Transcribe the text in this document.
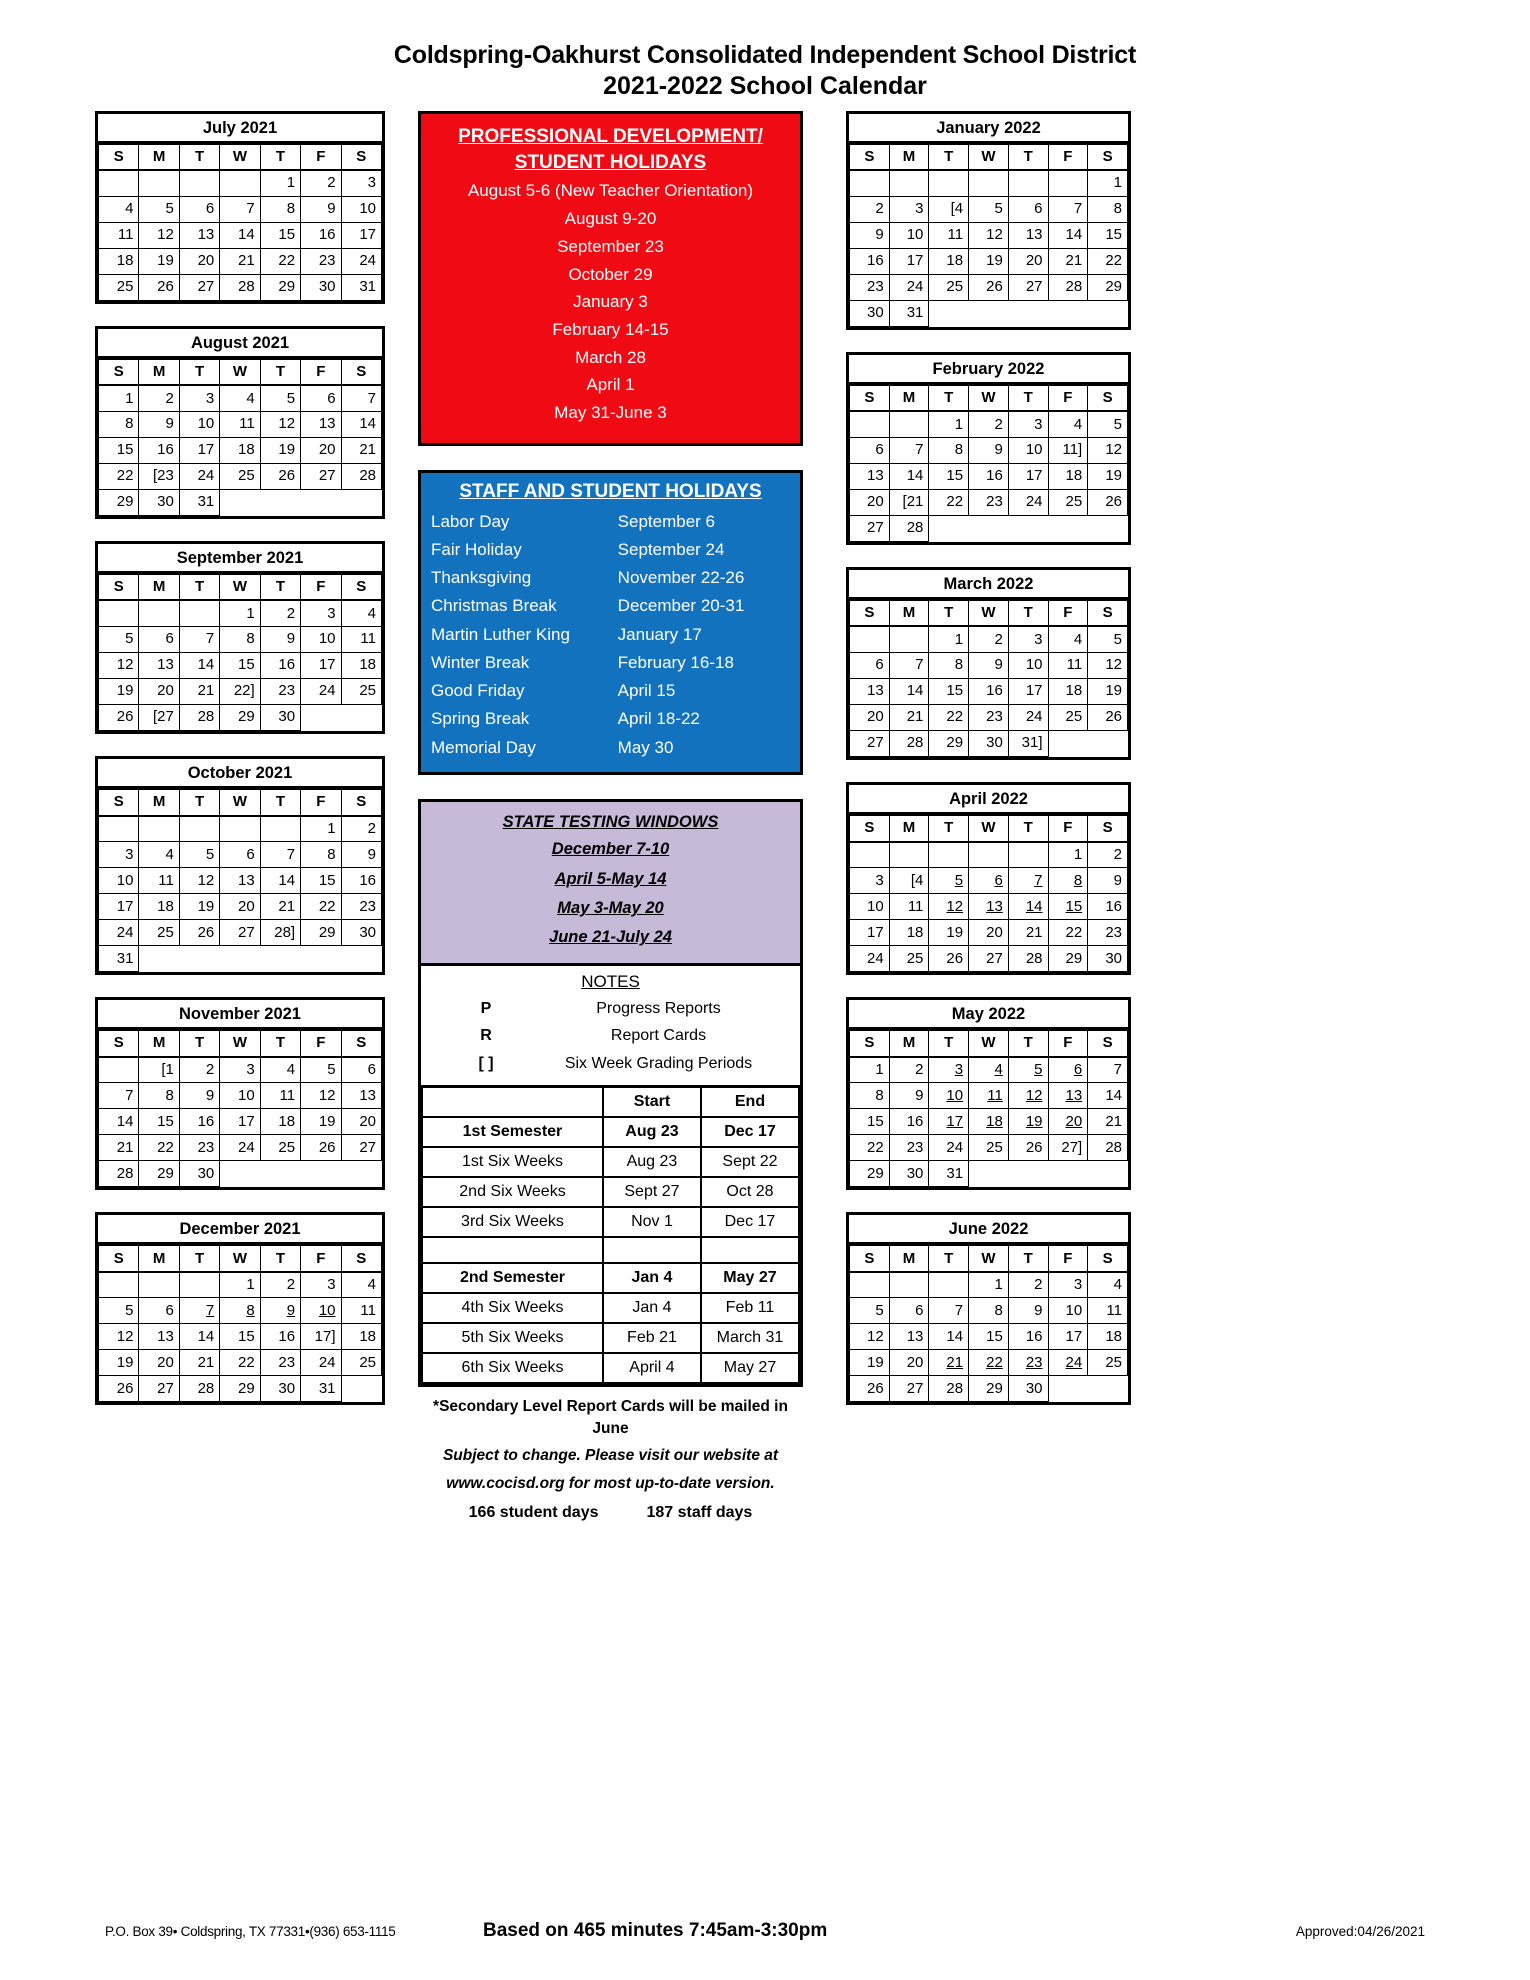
Coldspring-Oakhurst Consolidated Independent School District
2021-2022 School Calendar
July 2021
S	M	T	W	T	F	S
				1	2	3
4	5	6	7	8	9	10
11	12	13	14	15	16	17
18	19	20	21	22	23	24
25	26	27	28	29	30	31
August 2021
S	M	T	W	T	F	S
1	2	3	4	5	6	7
8	9	10	11	12	13	14
15	16	17	18	19	20	21
22	[23	24	25	26	27	28
29	30	31				
September 2021
S	M	T	W	T	F	S
			1	2	3	4
5	6	7	8	9	10	11
12	13	14	15	16	17	18
19	20	21	22]	23	24	25
26	[27	28	29	30		
October 2021
S	M	T	W	T	F	S
					1	2
3	4	5	6	7	8	9
10	11	12	13	14	15	16
17	18	19	20	21	22	23
24	25	26	27	28]	29	30
31						
November 2021
S	M	T	W	T	F	S
	[1	2	3	4	5	6
7	8	9	10	11	12	13
14	15	16	17	18	19	20
21	22	23	24	25	26	27
28	29	30				
December 2021
S	M	T	W	T	F	S
			1	2	3	4
5	6	7	8	9	10	11
12	13	14	15	16	17]	18
19	20	21	22	23	24	25
26	27	28	29	30	31	
PROFESSIONAL DEVELOPMENT/
STUDENT HOLIDAYS
August 5-6 (New Teacher Orientation)
August 9-20
September 23
October 29
January 3
February 14-15
March 28
April 1
May 31-June 3
STAFF AND STUDENT HOLIDAYS
Labor Day	September 6
Fair Holiday	September 24
Thanksgiving	November 22-26
Christmas Break	December 20-31
Martin Luther King	January 17
Winter Break	February 16-18
Good Friday	April 15
Spring Break	April 18-22
Memorial Day	May 30
STATE TESTING WINDOWS
December 7-10
April 5-May 14
May 3-May 20
June 21-July 24
NOTES
P	Progress Reports
R	Report Cards
[ ]	Six Week Grading Periods
	Start	End
1st Semester	Aug 23	Dec 17
1st Six Weeks	Aug 23	Sept 22
2nd Six Weeks	Sept 27	Oct 28
3rd Six Weeks	Nov 1	Dec 17

2nd Semester	Jan 4	May 27
4th Six Weeks	Jan 4	Feb 11
5th Six Weeks	Feb 21	March 31
6th Six Weeks	April 4	May 27
*Secondary Level Report Cards will be mailed in June
Subject to change. Please visit our website at
www.cocisd.org for most up-to-date version.
166 student days	187 staff days
January 2022
S	M	T	W	T	F	S
						1
2	3	[4	5	6	7	8
9	10	11	12	13	14	15
16	17	18	19	20	21	22
23	24	25	26	27	28	29
30	31					
February 2022
S	M	T	W	T	F	S
		1	2	3	4	5
6	7	8	9	10	11]	12
13	14	15	16	17	18	19
20	[21	22	23	24	25	26
27	28					
March 2022
S	M	T	W	T	F	S
		1	2	3	4	5
6	7	8	9	10	11	12
13	14	15	16	17	18	19
20	21	22	23	24	25	26
27	28	29	30	31]		
April 2022
S	M	T	W	T	F	S
					1	2
3	[4	5	6	7	8	9
10	11	12	13	14	15	16
17	18	19	20	21	22	23
24	25	26	27	28	29	30
May 2022
S	M	T	W	T	F	S
1	2	3	4	5	6	7
8	9	10	11	12	13	14
15	16	17	18	19	20	21
22	23	24	25	26	27]	28
29	30	31				
June 2022
S	M	T	W	T	F	S
			1	2	3	4
5	6	7	8	9	10	11
12	13	14	15	16	17	18
19	20	21	22	23	24	25
26	27	28	29	30		
P.O. Box 39• Coldspring, TX 77331•(936) 653-1115	Based on 465 minutes 7:45am-3:30pm	Approved:04/26/2021
